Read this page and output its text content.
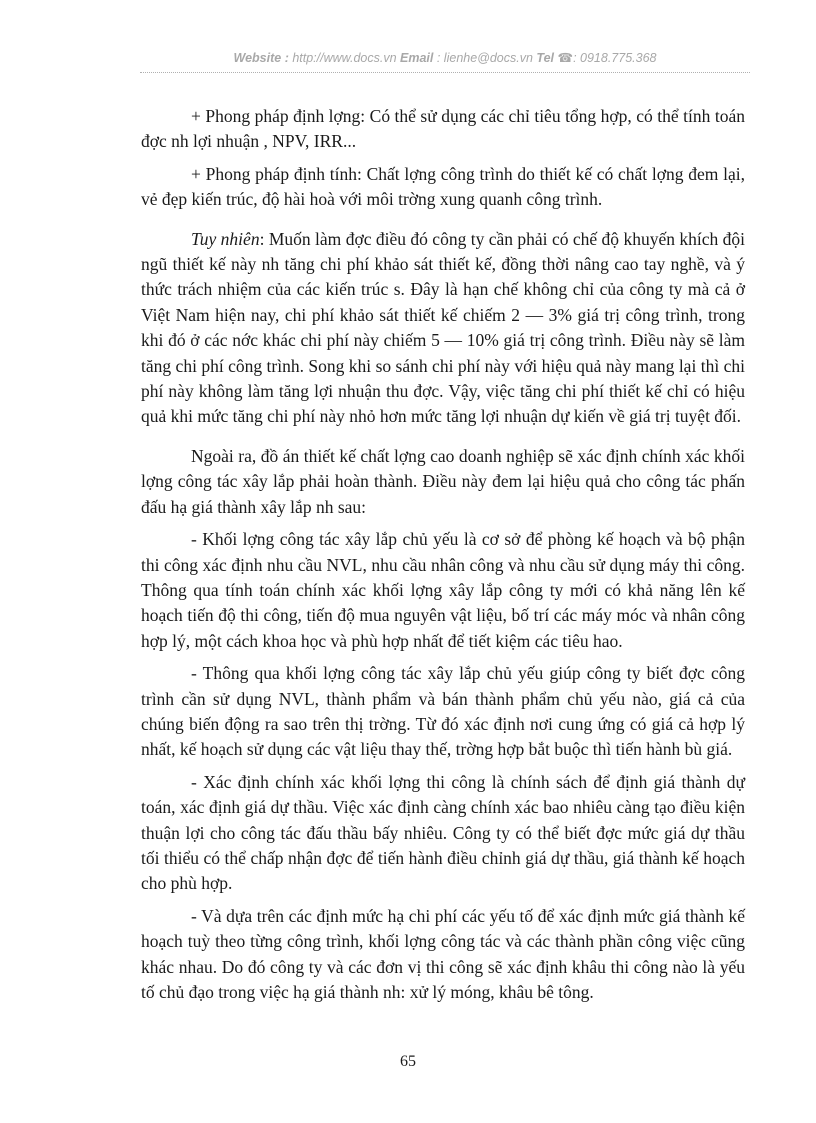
Website : http://www.docs.vn Email : lienhe@docs.vn Tel ☎: 0918.775.368

+ Phong pháp định lợng: Có thể sử dụng các chỉ tiêu tổng hợp, có thể tính toán đợc nh lợi nhuận , NPV, IRR...

+ Phong pháp định tính: Chất lợng công trình do thiết kế có chất lợng đem lại, vẻ đẹp kiến trúc, độ hài hoà với môi trờng xung quanh công trình.

Tuy nhiên: Muốn làm đợc điều đó công ty cần phải có chế độ khuyến khích đội ngũ thiết kế này nh tăng chi phí khảo sát thiết kế, đồng thời nâng cao tay nghề, và ý thức trách nhiệm của các kiến trúc s. Đây là hạn chế không chỉ của công ty mà cả ở Việt Nam hiện nay, chi phí khảo sát thiết kế chiếm 2 — 3% giá trị công trình, trong khi đó ở các nớc khác chi phí này chiếm 5 — 10% giá trị công trình. Điều này sẽ làm tăng chi phí công trình. Song khi so sánh chi phí này với hiệu quả này mang lại thì chi phí này không làm tăng lợi nhuận thu đợc. Vậy, việc tăng chi phí thiết kế chỉ có hiệu quả khi mức tăng chi phí này nhỏ hơn mức tăng lợi nhuận dự kiến về giá trị tuyệt đối.

Ngoài ra, đồ án thiết kế chất lợng cao doanh nghiệp sẽ xác định chính xác khối lợng công tác xây lắp phải hoàn thành. Điều này đem lại hiệu quả cho công tác phấn đấu hạ giá thành xây lắp nh sau:

- Khối lợng công tác xây lắp chủ yếu là cơ sở để phòng kế hoạch và bộ phận thi công xác định nhu cầu NVL, nhu cầu nhân công và nhu cầu sử dụng máy thi công. Thông qua tính toán chính xác khối lợng xây lắp công ty mới có khả năng lên kế hoạch tiến độ thi công, tiến độ mua nguyên vật liệu, bố trí các máy móc và nhân công hợp lý, một cách khoa học và phù hợp nhất để tiết kiệm các tiêu hao.

- Thông qua khối lợng công tác xây lắp chủ yếu giúp công ty biết đợc công trình cần sử dụng NVL, thành phẩm và bán thành phẩm chủ yếu nào, giá cả của chúng biến động ra sao trên thị trờng. Từ đó xác định nơi cung ứng có giá cả hợp lý nhất, kế hoạch sử dụng các vật liệu thay thế, trờng hợp bắt buộc thì tiến hành bù giá.

- Xác định chính xác khối lợng thi công là chính sách để định giá thành dự toán, xác định giá dự thầu. Việc xác định càng chính xác bao nhiêu càng tạo điều kiện thuận lợi cho công tác đấu thầu bấy nhiêu. Công ty có thể biết đợc mức giá dự thầu tối thiểu có thể chấp nhận đợc để tiến hành điều chỉnh giá dự thầu, giá thành kế hoạch cho phù hợp.

- Và dựa trên các định mức hạ chi phí các yếu tố để xác định mức giá thành kế hoạch tuỳ theo từng công trình, khối lợng công tác và các thành phần công việc cũng khác nhau. Do đó công ty và các đơn vị thi công sẽ xác định khâu thi công nào là yếu tố chủ đạo trong việc hạ giá thành nh: xử lý móng, khâu bê tông.

65
